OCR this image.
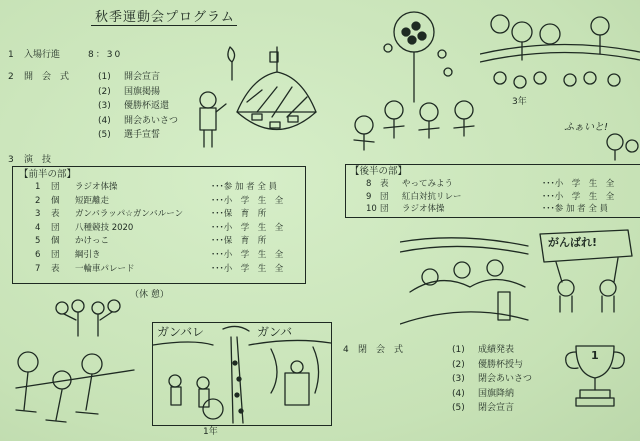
秋季運動会プログラム
1 入場行進	8：30
2 開　会　式	(1) 開会宣言
(2) 国旗掲揚
(3) 優勝杯返還
(4) 開会あいさつ
(5) 選手宣誓
3 演　技
【前半の部】
1 団 ラジオ体操	･･･参 加 者 全 員
2 個 短距離走	･･･小　学　生　全
3 表 ガンバラッパ☆ガンバルーン	･･･保　育　所
4 団 八種競技 2020	･･･小　学　生　全
5 個 かけっこ	･･･保　育　所
6 団 綱引き	･･･小　学　生　全
7 表 一輪車パレード	･･･小　学　生　全
（休 憩）
【後半の部】
8 表 やってみよう	･･･小　学　生　全
9 団 紅白対抗リレー	･･･小　学　生　全
10 団 ラジオ体操	･･･参 加 者 全 員
4 閉　会　式	(1) 成績発表
(2) 優勝杯授与
(3) 閉会あいさつ
(4) 国旗降納
(5) 閉会宣言
3年
ふぁいと!
がんばれ!
1
ガンバレ	ガンバ
1年
